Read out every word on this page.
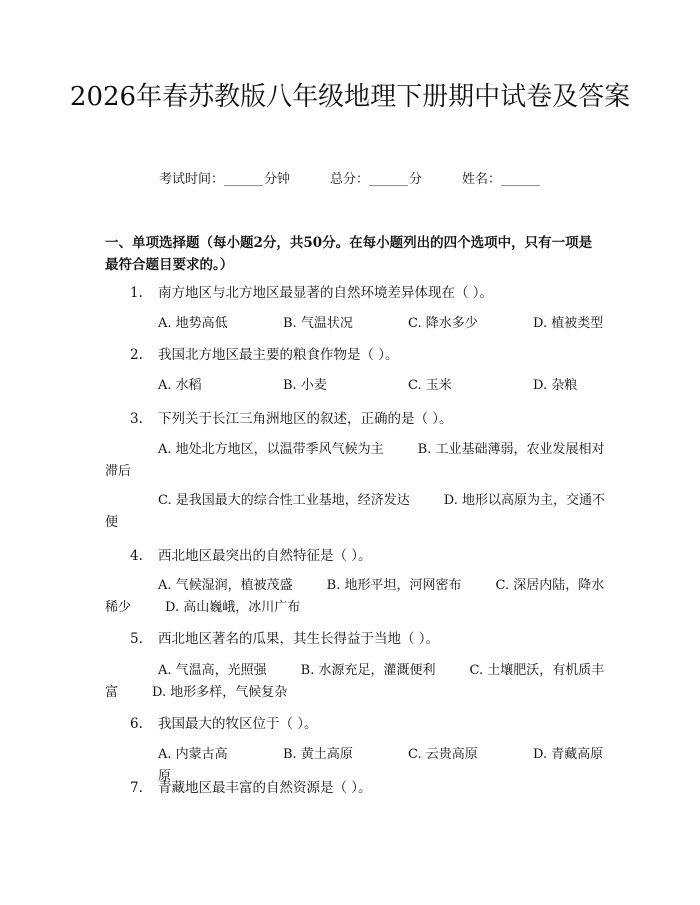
2026年春苏教版八年级地理下册期中试卷及答案
考试时间：______分钟	总分：______分	姓名：______
一、单项选择题（每小题2分，共50分。在每小题列出的四个选项中，只有一项是最符合题目要求的。）
1. 南方地区与北方地区最显著的自然环境差异体现在（ ）。
A. 地势高低	B. 气温状况	C. 降水多少	D. 植被类型
2. 我国北方地区最主要的粮食作物是（ ）。
A. 水稻	B. 小麦	C. 玉米	D. 杂粮
3. 下列关于长江三角洲地区的叙述，正确的是（ ）。
A. 地处北方地区，以温带季风气候为主	B. 工业基础薄弱，农业发展相对滞后
C. 是我国最大的综合性工业基地，经济发达	D. 地形以高原为主，交通不便
4. 西北地区最突出的自然特征是（ ）。
A. 气候湿润，植被茂盛	B. 地形平坦，河网密布	C. 深居内陆，降水稀少	D. 高山巍峨，冰川广布
5. 西北地区著名的瓜果，其生长得益于当地（ ）。
A. 气温高，光照强	B. 水源充足，灌溉便利	C. 土壤肥沃，有机质丰富	D. 地形多样，气候复杂
6. 我国最大的牧区位于（ ）。
A. 内蒙古高原
B. 黄土高原	C. 云贵高原	D. 青藏高原
7. 青藏地区最丰富的自然资源是（ ）。
